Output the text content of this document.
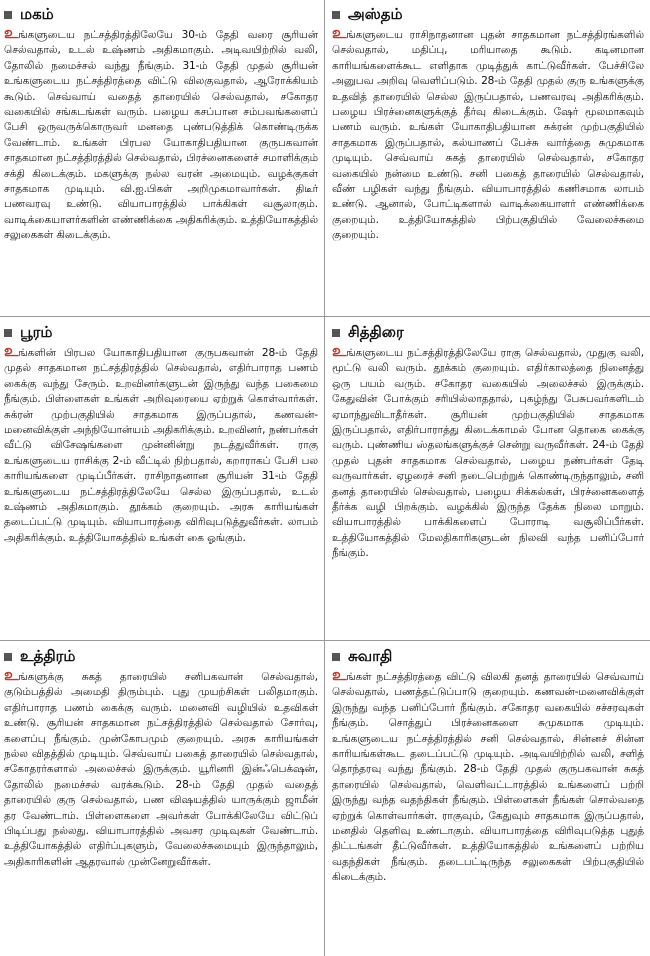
மகம்

உங்களுடைய நட்சத்திரத்திலேயே 30-ம் தேதி வரை சூரியன் செல்வதால், உடல் உஷ்ணம் அதிகமாகும். அடிவயிற்றில் வலி, தோலில் நமைச்சல் வந்து நீங்கும். 31-ம் தேதி முதல் சூரியன் உங்களுடைய நட்சத்திரத்தை விட்டு விலகுவதால், ஆரோக்கியம் கூடும். செவ்வாய் வதைத் தாரையில் செல்வதால், சகோதர வகையில் சங்கடங்கள் வரும். பழைய கசப்பான சம்பவங்களைப் பேசி ஒருவருக்கொருவர் மனதை புண்படுத்திக் கொண்டிருக்க வேண்டாம். உங்கள் பிரபல யோகாதிபதியான குருபகவான் சாதகமான நட்சத்திரத்தில் செல்வதால், பிரச்னைகளைச் சமாளிக்கும் சக்தி கிடைக்கும். மகளுக்கு நல்ல வரன் அமையும். வழக்குகள் சாதகமாக முடியும். வி.ஐ.பிகள் அறிமுகமாவார்கள். திடீர் பணவரவு உண்டு. வியாபாரத்தில் பாக்கிகள் வசூலாகும். வாடிக்கையாளர்களின் எண்ணிக்கை அதிகரிக்கும். உத்தியோகத்தில் சலுகைகள் கிடைக்கும்.

அஸ்தம்

உங்களுடைய ராசிநாதனான புதன் சாதகமான நட்சத்திரங்களில் செல்வதால், மதிப்பு, மரியாதை கூடும். கடினமான காரியங்களைக்கூட எளிதாக முடித்துக் காட்டுவீர்கள். பேச்சிலே அனுபவ அறிவு வெளிப்படும். 28-ம் தேதி முதல் குரு உங்களுக்கு உதவித் தாரையில் செல்ல இருப்பதால், பணவரவு அதிகரிக்கும். பழைய பிரச்னைகளுக்குத் தீர்வு கிடைக்கும். ஷேர் மூலமாகவும் பணம் வரும். உங்கள் யோகாதிபதியான சுக்ரன் முற்பகுதியில் சாதகமாக இருப்பதால், கல்யாணப் பேச்சு வார்த்தை சுமுகமாக முடியும். செவ்வாய் சுகத் தாரையில் செல்வதால், சகோதர வகையில் நன்மை உண்டு. சனி பகைத் தாரையில் செல்வதால், வீண் பழிகள் வந்து நீங்கும். வியாபாரத்தில் கணிசமாக லாபம் உண்டு. ஆனால், போட்டிகளால் வாடிக்கையாளர் எண்ணிக்கை குறையும். உத்தியோகத்தில் பிற்பகுதியில் வேலைச்சுமை குறையும்.

பூரம்

உங்களின் பிரபல யோகாதிபதியான குருபகவான் 28-ம் தேதி முதல் சாதகமான நட்சத்திரத்தில் செல்வதால், எதிர்பாராத பணம் கைக்கு வந்து சேரும். உறவினர்களுடன் இருந்து வந்த பகைமை நீங்கும். பிள்ளைகள் உங்கள் அறிவுரையை ஏற்றுக் கொள்வார்கள். சுக்ரன் முற்பகுதியில் சாதகமாக இருப்பதால், கணவன்-மனைவிக்குள் அந்நியோன்யம் அதிகரிக்கும். உறவினர், நண்பர்கள் வீட்டு விசேஷங்களை முன்னின்று நடத்துவீர்கள். ராகு உங்களுடைய ராசிக்கு 2-ம் வீட்டில் நிற்பதால், கறாராகப் பேசி பல காரியங்களை முடிப்பீர்கள். ராசிநாதனான சூரியன் 31-ம் தேதி உங்களுடைய நட்சத்திரத்திலேயே செல்ல இருப்பதால், உடல் உஷ்ணம் அதிகமாகும். தூக்கம் குறையும். அரசு காரியங்கள் தடைப்பட்டு முடியும். வியாபாரத்தை விரிவுபடுத்துவீர்கள். லாபம் அதிகரிக்கும். உத்தியோகத்தில் உங்கள் கை ஓங்கும்.

சித்திரை

உங்களுடைய நட்சத்திரத்திலேயே ராகு செல்வதால், முதுகு வலி, மூட்டு வலி வரும். தூக்கம் குறையும். எதிர்காலத்தை நினைத்து ஒரு பயம் வரும். சகோதர வகையில் அலைச்சல் இருக்கும். கேதுவின் போக்கும் சரியில்லாததால், புகழ்ந்து பேசுபவர்களிடம் ஏமாந்துவிடாதீர்கள். சூரியன் முற்பகுதியில் சாதகமாக இருப்பதால், எதிர்பாராத்து கிடைக்காமல் போன தொகை கைக்கு வரும். புண்ணிய ஸ்தலங்களுக்குச் சென்று வருவீர்கள். 24-ம் தேதி முதல் புதன் சாதகமாக செல்வதால், பழைய நண்பர்கள் தேடி வருவார்கள். ஏழரைச் சனி நடைபெற்றுக் கொண்டிருந்தாலும், சனி தனத் தாரையில் செல்வதால், பழைய சிக்கல்கள், பிரச்னைகளைத் தீர்க்க வழி பிறக்கும். வழக்கில் இருந்த தேக்க நிலை மாறும். வியாபாரத்தில் பாக்கிகளைப் போராடி வசூலிப்பீர்கள். உத்தியோகத்தில் மேலதிகாரிகளுடன் நிலவி வந்த பனிப்போர் நீங்கும்.

உத்திரம்

உங்களுக்கு சுகத் தாரையில் சனிபகவான் செல்வதால், குடும்பத்தில் அமைதி திரும்பும். புது முயற்சிகள் பலிதமாகும். எதிர்பாராத பணம் கைக்கு வரும். மனைவி வழியில் உதவிகள் உண்டு. சூரியன் சாதகமான நட்சத்திரத்தில் செல்வதால் சோர்வு, களைப்பு நீங்கும். முன்கோபமும் குறையும். அரசு காரியங்கள் நல்ல விதத்தில் முடியும். செவ்வாய் பகைத் தாரையில் செல்வதால், சகோதரர்களால் அலைச்சல் இருக்கும். யூரினரி இன்ஃபெக்‌ஷன், தோலில் நமைச்சல் வரக்கூடும். 28-ம் தேதி முதல் வதைத் தாரையில் குரு செல்வதால், பண விஷயத்தில் யாருக்கும் ஜாமீன் தர வேண்டாம். பிள்ளைகளை அவர்கள் போக்கிலேயே விட்டுப் பிடிப்பது நல்லது. வியாபாரத்தில் அவசர முடிவுகள் வேண்டாம். உத்தியோகத்தில் எதிர்ப்புகளும், வேலைச்சுமையும் இருந்தாலும், அதிகாரிகளின் ஆதரவால் முன்னேறுவீர்கள்.

சுவாதி

உங்கள் நட்சத்திரத்தை விட்டு விலகி தனத் தாரையில் செவ்வாய் செல்வதால், பணத்தட்டுப்பாடு குறையும். கணவன்-மனைவிக்குள் இருந்து வந்த பனிப்போர் நீங்கும். சகோதர வகையில் சச்சரவுகள் நீங்கும். சொத்துப் பிரச்னைகளை சுமுகமாக முடியும். உங்களுடைய நட்சத்திரத்தில் சனி செல்வதால், சின்னச் சின்ன காரியங்கள்கூட தடைப்பட்டு முடியும். அடிவயிற்றில் வலி, சளித் தொந்தரவு வந்து நீங்கும். 28-ம் தேதி முதல் குருபகவான் சுகத் தாரையில் செல்வதால், வெளிவட்டாரத்தில் உங்களைப் பற்றி இருந்து வந்த வதந்திகள் நீங்கும். பிள்ளைகள் நீங்கள் சொல்வதை ஏற்றுக் கொள்வார்கள். ராகுவும், கேதுவும் சாதகமாக இருப்பதால், மனதில் தெளிவு உண்டாகும். வியாபாரத்தை விரிவுபடுத்த புதுத் திட்டங்கள் தீட்டுவீர்கள். உத்தியோகத்தில் உங்களைப் பற்றிய வதந்திகள் நீங்கும். தடைபட்டிருந்த சலுகைகள் பிற்பகுதியில் கிடைக்கும்.
